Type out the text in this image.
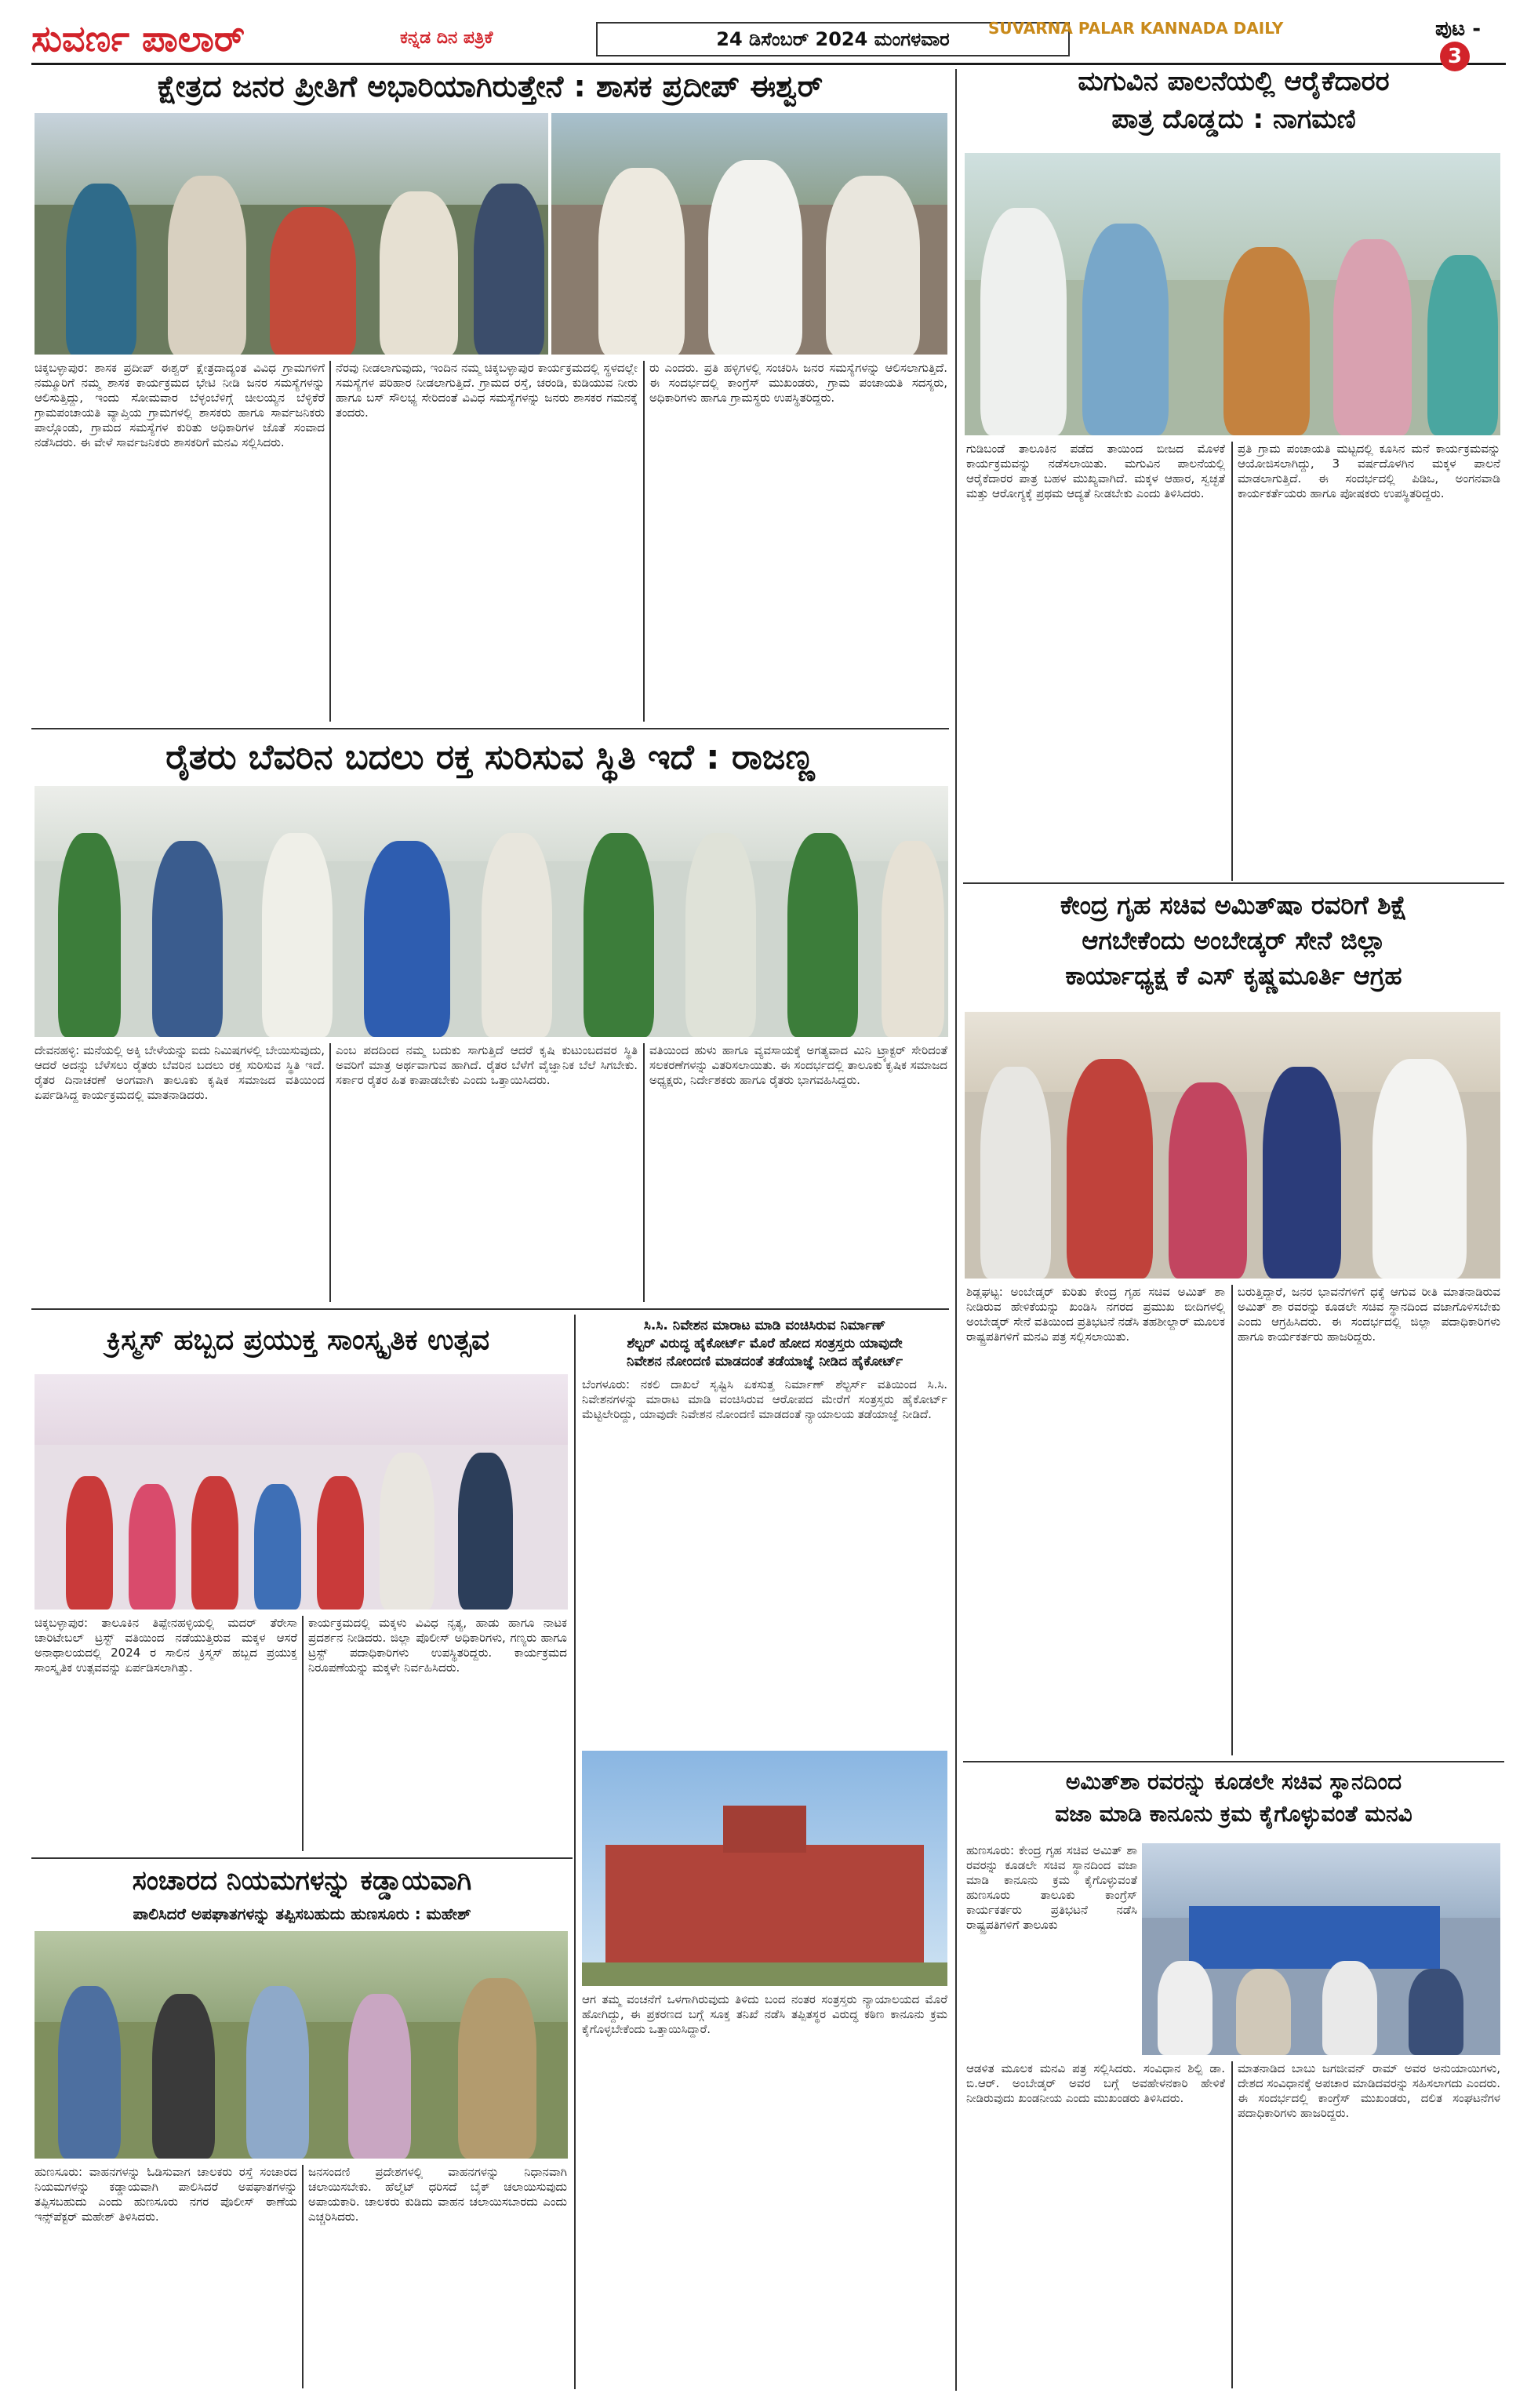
ಸುವರ್ಣ ಪಾಲಾರ್	ಕನ್ನಡ ದಿನ ಪತ್ರಿಕೆ	24 ಡಿಸೆಂಬರ್ 2024 ಮಂಗಳವಾರ	SUVARNA PALAR KANNADA DAILY	ಪುಟ -3
ಕ್ಷೇತ್ರದ ಜನರ ಪ್ರೀತಿಗೆ ಅಭಾರಿಯಾಗಿರುತ್ತೇನೆ : ಶಾಸಕ ಪ್ರದೀಪ್ ಈಶ್ವರ್
ಚಿಕ್ಕಬಳ್ಳಾಪುರ: ಶಾಸಕ ಪ್ರದೀಪ್ ಈಶ್ವರ್ ಕ್ಷೇತ್ರದಾದ್ಯಂತ ವಿವಿಧ ಗ್ರಾಮಗಳಿಗೆ ನಮ್ಮೂರಿಗೆ ನಮ್ಮ ಶಾಸಕ ಕಾರ್ಯಕ್ರಮದ ಭೇಟಿ ನೀಡಿ ಜನರ ಸಮಸ್ಯೆಗಳನ್ನು ಆಲಿಸುತ್ತಿದ್ದು, ಇಂದು ಸೋಮವಾರ ಬೆಳ್ಳಂಬೆಳಿಗ್ಗೆ ಚೀಲಯ್ಯನ ಬೆಳ್ಳಿಕೆರೆ ಗ್ರಾಮಪಂಚಾಯತಿ ವ್ಯಾಪ್ತಿಯ ಗ್ರಾಮಗಳಲ್ಲಿ ಶಾಸಕರು ಹಾಗೂ ಸಾರ್ವಜನಿಕರು ಪಾಲ್ಗೊಂಡು, ಗ್ರಾಮದ ಸಮಸ್ಯೆಗಳ ಕುರಿತು ಅಧಿಕಾರಿಗಳ ಜೊತೆ ಸಂವಾದ ನಡೆಸಿದರು. ಈ ವೇಳೆ ಸಾರ್ವಜನಿಕರು ಶಾಸಕರಿಗೆ ಮನವಿ ಸಲ್ಲಿಸಿದರು.
ನೆರವು ನೀಡಲಾಗುವುದು, ಇಂದಿನ ನಮ್ಮ ಚಿಕ್ಕಬಳ್ಳಾಪುರ ಕಾರ್ಯಕ್ರಮದಲ್ಲಿ ಸ್ಥಳದಲ್ಲೇ ಸಮಸ್ಯೆಗಳ ಪರಿಹಾರ ನೀಡಲಾಗುತ್ತಿದೆ. ಗ್ರಾಮದ ರಸ್ತೆ, ಚರಂಡಿ, ಕುಡಿಯುವ ನೀರು ಹಾಗೂ ಬಸ್ ಸೌಲಭ್ಯ ಸೇರಿದಂತೆ ವಿವಿಧ ಸಮಸ್ಯೆಗಳನ್ನು ಜನರು ಶಾಸಕರ ಗಮನಕ್ಕೆ ತಂದರು.
ರು ಎಂದರು. ಪ್ರತಿ ಹಳ್ಳಿಗಳಲ್ಲಿ ಸಂಚರಿಸಿ ಜನರ ಸಮಸ್ಯೆಗಳನ್ನು ಆಲಿಸಲಾಗುತ್ತಿದೆ. ಈ ಸಂದರ್ಭದಲ್ಲಿ ಕಾಂಗ್ರೆಸ್ ಮುಖಂಡರು, ಗ್ರಾಮ ಪಂಚಾಯತಿ ಸದಸ್ಯರು, ಅಧಿಕಾರಿಗಳು ಹಾಗೂ ಗ್ರಾಮಸ್ಥರು ಉಪಸ್ಥಿತರಿದ್ದರು.
ಮಗುವಿನ ಪಾಲನೆಯಲ್ಲಿ ಆರೈಕೆದಾರರ
ಪಾತ್ರ ದೊಡ್ಡದು : ನಾಗಮಣಿ
ಗುಡಿಬಂಡೆ ತಾಲೂಕಿನ ಪಡೆದ ತಾಯಿಂದ ಬೀಜದ ಮೊಳಕೆ ಕಾರ್ಯಕ್ರಮವನ್ನು ನಡೆಸಲಾಯಿತು. ಮಗುವಿನ ಪಾಲನೆಯಲ್ಲಿ ಆರೈಕೆದಾರರ ಪಾತ್ರ ಬಹಳ ಮುಖ್ಯವಾಗಿದೆ. ಮಕ್ಕಳ ಆಹಾರ, ಸ್ವಚ್ಛತೆ ಮತ್ತು ಆರೋಗ್ಯಕ್ಕೆ ಪ್ರಥಮ ಆದ್ಯತೆ ನೀಡಬೇಕು ಎಂದು ತಿಳಿಸಿದರು.
ಪ್ರತಿ ಗ್ರಾಮ ಪಂಚಾಯತಿ ಮಟ್ಟದಲ್ಲಿ ಕೂಸಿನ ಮನೆ ಕಾರ್ಯಕ್ರಮವನ್ನು ಆಯೋಜಿಸಲಾಗಿದ್ದು, 3 ವರ್ಷದೊಳಗಿನ ಮಕ್ಕಳ ಪಾಲನೆ ಮಾಡಲಾಗುತ್ತಿದೆ. ಈ ಸಂದರ್ಭದಲ್ಲಿ ಪಿಡಿಒ, ಅಂಗನವಾಡಿ ಕಾರ್ಯಕರ್ತೆಯರು ಹಾಗೂ ಪೋಷಕರು ಉಪಸ್ಥಿತರಿದ್ದರು.
ರೈತರು ಬೆವರಿನ ಬದಲು ರಕ್ತ ಸುರಿಸುವ ಸ್ಥಿತಿ ಇದೆ : ರಾಜಣ್ಣ
ದೇವನಹಳ್ಳಿ: ಮನೆಯಲ್ಲಿ ಅಕ್ಕಿ ಬೇಳೆಯನ್ನು ಐದು ನಿಮಿಷಗಳಲ್ಲಿ ಬೇಯಿಸುವುದು, ಆದರೆ ಅದನ್ನು ಬೆಳೆಸಲು ರೈತರು ಬೆವರಿನ ಬದಲು ರಕ್ತ ಸುರಿಸುವ ಸ್ಥಿತಿ ಇದೆ. ರೈತರ ದಿನಾಚರಣೆ ಅಂಗವಾಗಿ ತಾಲೂಕು ಕೃಷಿಕ ಸಮಾಜದ ವತಿಯಿಂದ ಏರ್ಪಡಿಸಿದ್ದ ಕಾರ್ಯಕ್ರಮದಲ್ಲಿ ಮಾತನಾಡಿದರು.
ಎಂಬ ಪದದಿಂದ ನಮ್ಮ ಬದುಕು ಸಾಗುತ್ತಿದೆ ಆದರೆ ಕೃಷಿ ಕುಟುಂಬದವರ ಸ್ಥಿತಿ ಅವರಿಗೆ ಮಾತ್ರ ಅರ್ಥವಾಗುವ ಹಾಗಿದೆ. ರೈತರ ಬೆಳೆಗೆ ವೈಜ್ಞಾನಿಕ ಬೆಲೆ ಸಿಗಬೇಕು. ಸರ್ಕಾರ ರೈತರ ಹಿತ ಕಾಪಾಡಬೇಕು ಎಂದು ಒತ್ತಾಯಿಸಿದರು.
ವತಿಯಿಂದ ಹುಳು ಹಾಗೂ ವ್ಯವಸಾಯಕ್ಕೆ ಅಗತ್ಯವಾದ ಮಿನಿ ಟ್ರ್ಯಾಕ್ಟರ್ ಸೇರಿದಂತೆ ಸಲಕರಣೆಗಳನ್ನು ವಿತರಿಸಲಾಯಿತು. ಈ ಸಂದರ್ಭದಲ್ಲಿ ತಾಲೂಕು ಕೃಷಿಕ ಸಮಾಜದ ಅಧ್ಯಕ್ಷರು, ನಿರ್ದೇಶಕರು ಹಾಗೂ ರೈತರು ಭಾಗವಹಿಸಿದ್ದರು.
ಕೇಂದ್ರ ಗೃಹ ಸಚಿವ ಅಮಿತ್‌ಷಾ ರವರಿಗೆ ಶಿಕ್ಷೆ
ಆಗಬೇಕೆಂದು ಅಂಬೇಡ್ಕರ್ ಸೇನೆ ಜಿಲ್ಲಾ
ಕಾರ್ಯಾಧ್ಯಕ್ಷ ಕೆ ಎಸ್ ಕೃಷ್ಣಮೂರ್ತಿ ಆಗ್ರಹ
ಶಿಡ್ಲಘಟ್ಟ: ಅಂಬೇಡ್ಕರ್ ಕುರಿತು ಕೇಂದ್ರ ಗೃಹ ಸಚಿವ ಅಮಿತ್ ಶಾ ನೀಡಿರುವ ಹೇಳಿಕೆಯನ್ನು ಖಂಡಿಸಿ ನಗರದ ಪ್ರಮುಖ ಬೀದಿಗಳಲ್ಲಿ ಅಂಬೇಡ್ಕರ್ ಸೇನೆ ವತಿಯಿಂದ ಪ್ರತಿಭಟನೆ ನಡೆಸಿ ತಹಶೀಲ್ದಾರ್ ಮೂಲಕ ರಾಷ್ಟ್ರಪತಿಗಳಿಗೆ ಮನವಿ ಪತ್ರ ಸಲ್ಲಿಸಲಾಯಿತು.
ಬರುತ್ತಿದ್ದಾರೆ, ಜನರ ಭಾವನೆಗಳಿಗೆ ಧಕ್ಕೆ ಆಗುವ ರೀತಿ ಮಾತನಾಡಿರುವ ಅಮಿತ್ ಶಾ ರವರನ್ನು ಕೂಡಲೇ ಸಚಿವ ಸ್ಥಾನದಿಂದ ವಜಾಗೊಳಿಸಬೇಕು ಎಂದು ಆಗ್ರಹಿಸಿದರು. ಈ ಸಂದರ್ಭದಲ್ಲಿ ಜಿಲ್ಲಾ ಪದಾಧಿಕಾರಿಗಳು ಹಾಗೂ ಕಾರ್ಯಕರ್ತರು ಹಾಜರಿದ್ದರು.
ಕ್ರಿಸ್ಮಸ್ ಹಬ್ಬದ ಪ್ರಯುಕ್ತ ಸಾಂಸ್ಕೃತಿಕ ಉತ್ಸವ
ಚಿಕ್ಕಬಳ್ಳಾಪುರ: ತಾಲೂಕಿನ ತಿಪ್ಪೇನಹಳ್ಳಿಯಲ್ಲಿ ಮದರ್ ತೆರೇಸಾ ಚಾರಿಟೇಬಲ್ ಟ್ರಸ್ಟ್ ವತಿಯಿಂದ ನಡೆಯುತ್ತಿರುವ ಮಕ್ಕಳ ಆಸರೆ ಅನಾಥಾಲಯದಲ್ಲಿ 2024 ರ ಸಾಲಿನ ಕ್ರಿಸ್ಮಸ್ ಹಬ್ಬದ ಪ್ರಯುಕ್ತ ಸಾಂಸ್ಕೃತಿಕ ಉತ್ಸವವನ್ನು ಏರ್ಪಡಿಸಲಾಗಿತ್ತು.
ಕಾರ್ಯಕ್ರಮದಲ್ಲಿ ಮಕ್ಕಳು ವಿವಿಧ ನೃತ್ಯ, ಹಾಡು ಹಾಗೂ ನಾಟಕ ಪ್ರದರ್ಶನ ನೀಡಿದರು. ಜಿಲ್ಲಾ ಪೊಲೀಸ್ ಅಧಿಕಾರಿಗಳು, ಗಣ್ಯರು ಹಾಗೂ ಟ್ರಸ್ಟ್ ಪದಾಧಿಕಾರಿಗಳು ಉಪಸ್ಥಿತರಿದ್ದರು. ಕಾರ್ಯಕ್ರಮದ ನಿರೂಪಣೆಯನ್ನು ಮಕ್ಕಳೇ ನಿರ್ವಹಿಸಿದರು.
ಸಿ.ಸಿ. ನಿವೇಶನ ಮಾರಾಟ ಮಾಡಿ ವಂಚಿಸಿರುವ ನಿರ್ಮಾಣ್
ಶೆಲ್ಟರ್ ವಿರುದ್ಧ ಹೈಕೋರ್ಟ್ ಮೊರೆ ಹೋದ ಸಂತ್ರಸ್ತರು ಯಾವುದೇ
ನಿವೇಶನ ನೋಂದಣಿ ಮಾಡದಂತೆ ತಡೆಯಾಜ್ಞೆ ನೀಡಿದ ಹೈಕೋರ್ಟ್
ಬೆಂಗಳೂರು: ನಕಲಿ ದಾಖಲೆ ಸೃಷ್ಟಿಸಿ ಏಕಸುತ್ತ ನಿರ್ಮಾಣ್ ಶೆಲ್ಟರ್ಸ್ ವತಿಯಿಂದ ಸಿ.ಸಿ. ನಿವೇಶನಗಳನ್ನು ಮಾರಾಟ ಮಾಡಿ ವಂಚಿಸಿರುವ ಆರೋಪದ ಮೇರೆಗೆ ಸಂತ್ರಸ್ತರು ಹೈಕೋರ್ಟ್ ಮೆಟ್ಟಿಲೇರಿದ್ದು, ಯಾವುದೇ ನಿವೇಶನ ನೋಂದಣಿ ಮಾಡದಂತೆ ನ್ಯಾಯಾಲಯ ತಡೆಯಾಜ್ಞೆ ನೀಡಿದೆ.
ಆಗ ತಮ್ಮ ವಂಚನೆಗೆ ಒಳಗಾಗಿರುವುದು ತಿಳಿದು ಬಂದ ನಂತರ ಸಂತ್ರಸ್ತರು ನ್ಯಾಯಾಲಯದ ಮೊರೆ ಹೋಗಿದ್ದು, ಈ ಪ್ರಕರಣದ ಬಗ್ಗೆ ಸೂಕ್ತ ತನಿಖೆ ನಡೆಸಿ ತಪ್ಪಿತಸ್ಥರ ವಿರುದ್ಧ ಕಠಿಣ ಕಾನೂನು ಕ್ರಮ ಕೈಗೊಳ್ಳಬೇಕೆಂದು ಒತ್ತಾಯಿಸಿದ್ದಾರೆ.
ಸಂಚಾರದ ನಿಯಮಗಳನ್ನು ಕಡ್ಡಾಯವಾಗಿ
ಪಾಲಿಸಿದರೆ ಅಪಘಾತಗಳನ್ನು ತಪ್ಪಿಸಬಹುದು ಹುಣಸೂರು : ಮಹೇಶ್
ಹುಣಸೂರು: ವಾಹನಗಳನ್ನು ಓಡಿಸುವಾಗ ಚಾಲಕರು ರಸ್ತೆ ಸಂಚಾರದ ನಿಯಮಗಳನ್ನು ಕಡ್ಡಾಯವಾಗಿ ಪಾಲಿಸಿದರೆ ಅಪಘಾತಗಳನ್ನು ತಪ್ಪಿಸಬಹುದು ಎಂದು ಹುಣಸೂರು ನಗರ ಪೊಲೀಸ್ ಠಾಣೆಯ ಇನ್ಸ್‌ಪೆಕ್ಟರ್ ಮಹೇಶ್ ತಿಳಿಸಿದರು.
ಜನಸಂದಣಿ ಪ್ರದೇಶಗಳಲ್ಲಿ ವಾಹನಗಳನ್ನು ನಿಧಾನವಾಗಿ ಚಲಾಯಿಸಬೇಕು. ಹೆಲ್ಮೆಟ್ ಧರಿಸದೆ ಬೈಕ್ ಚಲಾಯಿಸುವುದು ಅಪಾಯಕಾರಿ. ಚಾಲಕರು ಕುಡಿದು ವಾಹನ ಚಲಾಯಿಸಬಾರದು ಎಂದು ಎಚ್ಚರಿಸಿದರು.
ಅಮಿತ್‌ಶಾ ರವರನ್ನು ಕೂಡಲೇ ಸಚಿವ ಸ್ಥಾನದಿಂದ
ವಜಾ ಮಾಡಿ ಕಾನೂನು ಕ್ರಮ ಕೈಗೊಳ್ಳುವಂತೆ ಮನವಿ
ಹುಣಸೂರು: ಕೇಂದ್ರ ಗೃಹ ಸಚಿವ ಅಮಿತ್ ಶಾ ರವರನ್ನು ಕೂಡಲೇ ಸಚಿವ ಸ್ಥಾನದಿಂದ ವಜಾ ಮಾಡಿ ಕಾನೂನು ಕ್ರಮ ಕೈಗೊಳ್ಳುವಂತೆ ಹುಣಸೂರು ತಾಲೂಕು ಕಾಂಗ್ರೆಸ್ ಕಾರ್ಯಕರ್ತರು ಪ್ರತಿಭಟನೆ ನಡೆಸಿ ರಾಷ್ಟ್ರಪತಿಗಳಿಗೆ ತಾಲೂಕು
ಆಡಳಿತ ಮೂಲಕ ಮನವಿ ಪತ್ರ ಸಲ್ಲಿಸಿದರು. ಸಂವಿಧಾನ ಶಿಲ್ಪಿ ಡಾ. ಬಿ.ಆರ್. ಅಂಬೇಡ್ಕರ್ ಅವರ ಬಗ್ಗೆ ಅವಹೇಳನಕಾರಿ ಹೇಳಿಕೆ ನೀಡಿರುವುದು ಖಂಡನೀಯ ಎಂದು ಮುಖಂಡರು ತಿಳಿಸಿದರು.
ಮಾತನಾಡಿದ ಬಾಬು ಜಗಜೀವನ್ ರಾಮ್ ಅವರ ಅನುಯಾಯಿಗಳು, ದೇಶದ ಸಂವಿಧಾನಕ್ಕೆ ಅಪಚಾರ ಮಾಡಿದವರನ್ನು ಸಹಿಸಲಾಗದು ಎಂದರು. ಈ ಸಂದರ್ಭದಲ್ಲಿ ಕಾಂಗ್ರೆಸ್ ಮುಖಂಡರು, ದಲಿತ ಸಂಘಟನೆಗಳ ಪದಾಧಿಕಾರಿಗಳು ಹಾಜರಿದ್ದರು.
